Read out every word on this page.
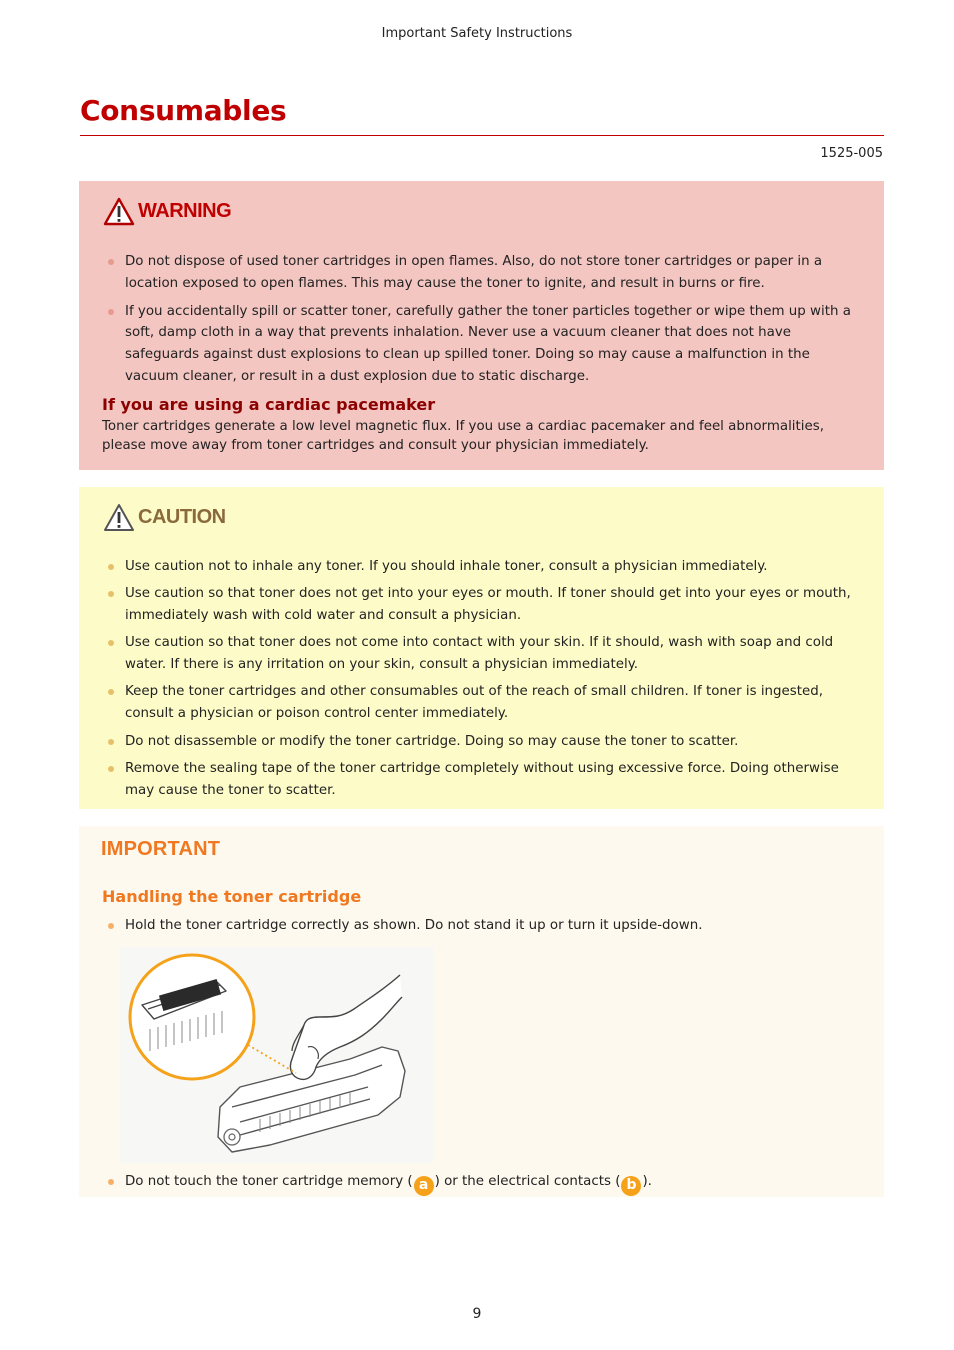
Important Safety Instructions
Consumables
1525-005
WARNING
Do not dispose of used toner cartridges in open flames. Also, do not store toner cartridges or paper in a location exposed to open flames. This may cause the toner to ignite, and result in burns or fire.
If you accidentally spill or scatter toner, carefully gather the toner particles together or wipe them up with a soft, damp cloth in a way that prevents inhalation. Never use a vacuum cleaner that does not have safeguards against dust explosions to clean up spilled toner. Doing so may cause a malfunction in the vacuum cleaner, or result in a dust explosion due to static discharge.
If you are using a cardiac pacemaker

Toner cartridges generate a low level magnetic flux. If you use a cardiac pacemaker and feel abnormalities, please move away from toner cartridges and consult your physician immediately.

CAUTION
Use caution not to inhale any toner. If you should inhale toner, consult a physician immediately.
Use caution so that toner does not get into your eyes or mouth. If toner should get into your eyes or mouth, immediately wash with cold water and consult a physician.
Use caution so that toner does not come into contact with your skin. If it should, wash with soap and cold water. If there is any irritation on your skin, consult a physician immediately.
Keep the toner cartridges and other consumables out of the reach of small children. If toner is ingested, consult a physician or poison control center immediately.
Do not disassemble or modify the toner cartridge. Doing so may cause the toner to scatter.
Remove the sealing tape of the toner cartridge completely without using excessive force. Doing otherwise may cause the toner to scatter.
IMPORTANT
Handling the toner cartridge
Hold the toner cartridge correctly as shown. Do not stand it up or turn it upside-down.
Do not touch the toner cartridge memory ( a ) or the electrical contacts ( b ).
9
